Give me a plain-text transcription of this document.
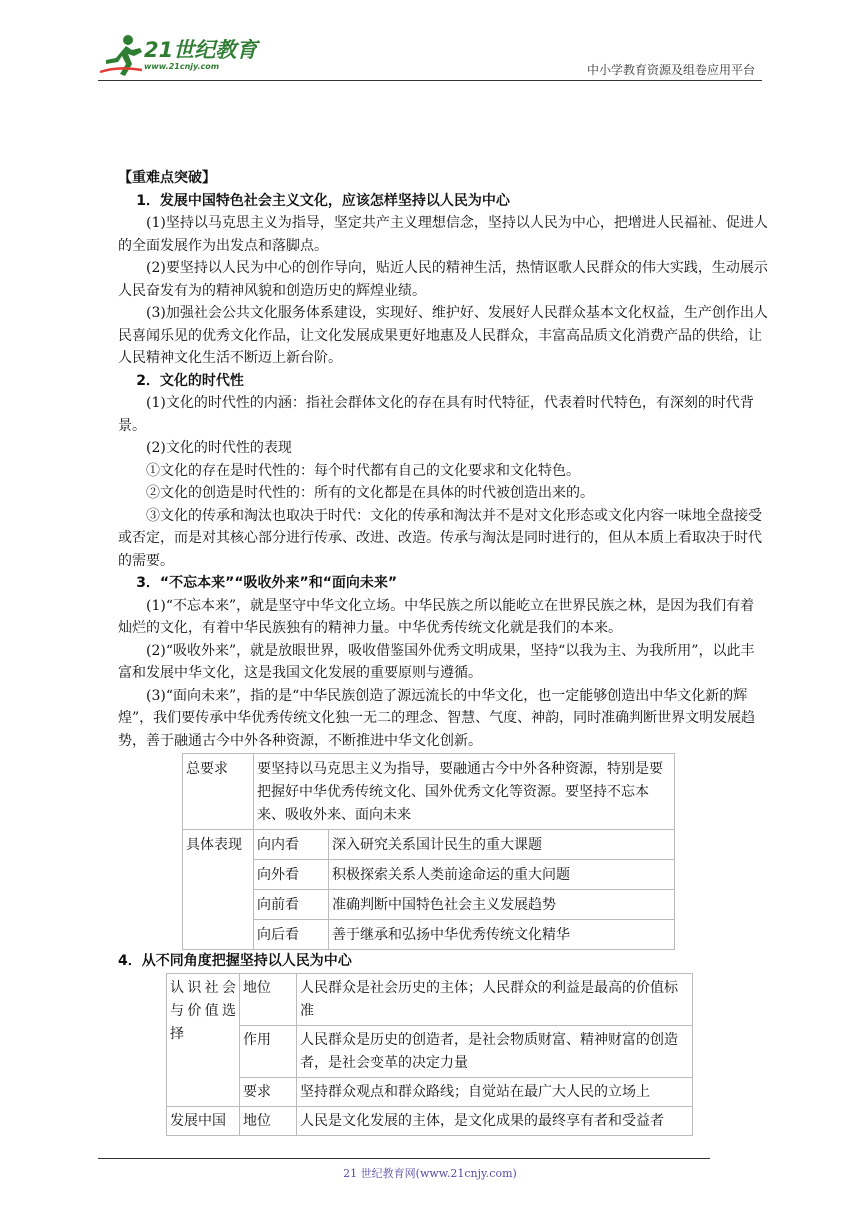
21世纪教育
www.21cnjy.com	中小学教育资源及组卷应用平台

【重难点突破】

1．发展中国特色社会主义文化，应该怎样坚持以人民为中心

(1)坚持以马克思主义为指导，坚定共产主义理想信念，坚持以人民为中心，把增进人民福祉、促进人的全面发展作为出发点和落脚点。

(2)要坚持以人民为中心的创作导向，贴近人民的精神生活，热情讴歌人民群众的伟大实践，生动展示人民奋发有为的精神风貌和创造历史的辉煌业绩。

(3)加强社会公共文化服务体系建设，实现好、维护好、发展好人民群众基本文化权益，生产创作出人民喜闻乐见的优秀文化作品，让文化发展成果更好地惠及人民群众，丰富高品质文化消费产品的供给，让人民精神文化生活不断迈上新台阶。

2．文化的时代性

(1)文化的时代性的内涵：指社会群体文化的存在具有时代特征，代表着时代特色，有深刻的时代背景。

(2)文化的时代性的表现

①文化的存在是时代性的：每个时代都有自己的文化要求和文化特色。

②文化的创造是时代性的：所有的文化都是在具体的时代被创造出来的。

③文化的传承和淘汰也取决于时代：文化的传承和淘汰并不是对文化形态或文化内容一味地全盘接受或否定，而是对其核心部分进行传承、改进、改造。传承与淘汰是同时进行的，但从本质上看取决于时代的需要。

3．“不忘本来”“吸收外来”和“面向未来”

(1)“不忘本来”，就是坚守中华文化立场。中华民族之所以能屹立在世界民族之林，是因为我们有着灿烂的文化，有着中华民族独有的精神力量。中华优秀传统文化就是我们的本来。

(2)“吸收外来”，就是放眼世界，吸收借鉴国外优秀文明成果，坚持“以我为主、为我所用”，以此丰富和发展中华文化，这是我国文化发展的重要原则与遵循。

(3)“面向未来”，指的是“中华民族创造了源远流长的中华文化，也一定能够创造出中华文化新的辉煌”，我们要传承中华优秀传统文化独一无二的理念、智慧、气度、神韵，同时准确判断世界文明发展趋势，善于融通古今中外各种资源，不断推进中华文化创新。

总要求	要坚持以马克思主义为指导，要融通古今中外各种资源，特别是要把握好中华优秀传统文化、国外优秀文化等资源。要坚持不忘本来、吸收外来、面向未来	
具体表现	向内看	深入研究关系国计民生的重大课题
	向外看	积极探索关系人类前途命运的重大问题
	向前看	准确判断中国特色社会主义发展趋势
	向后看	善于继承和弘扬中华优秀传统文化精华

4．从不同角度把握坚持以人民为中心

认识社会与价值选择	地位	人民群众是社会历史的主体；人民群众的利益是最高的价值标准
	作用	人民群众是历史的创造者，是社会物质财富、精神财富的创造者，是社会变革的决定力量
	要求	坚持群众观点和群众路线；自觉站在最广大人民的立场上
发展中国	地位	人民是文化发展的主体，是文化成果的最终享有者和受益者
21 世纪教育网(www.21cnjy.com)
